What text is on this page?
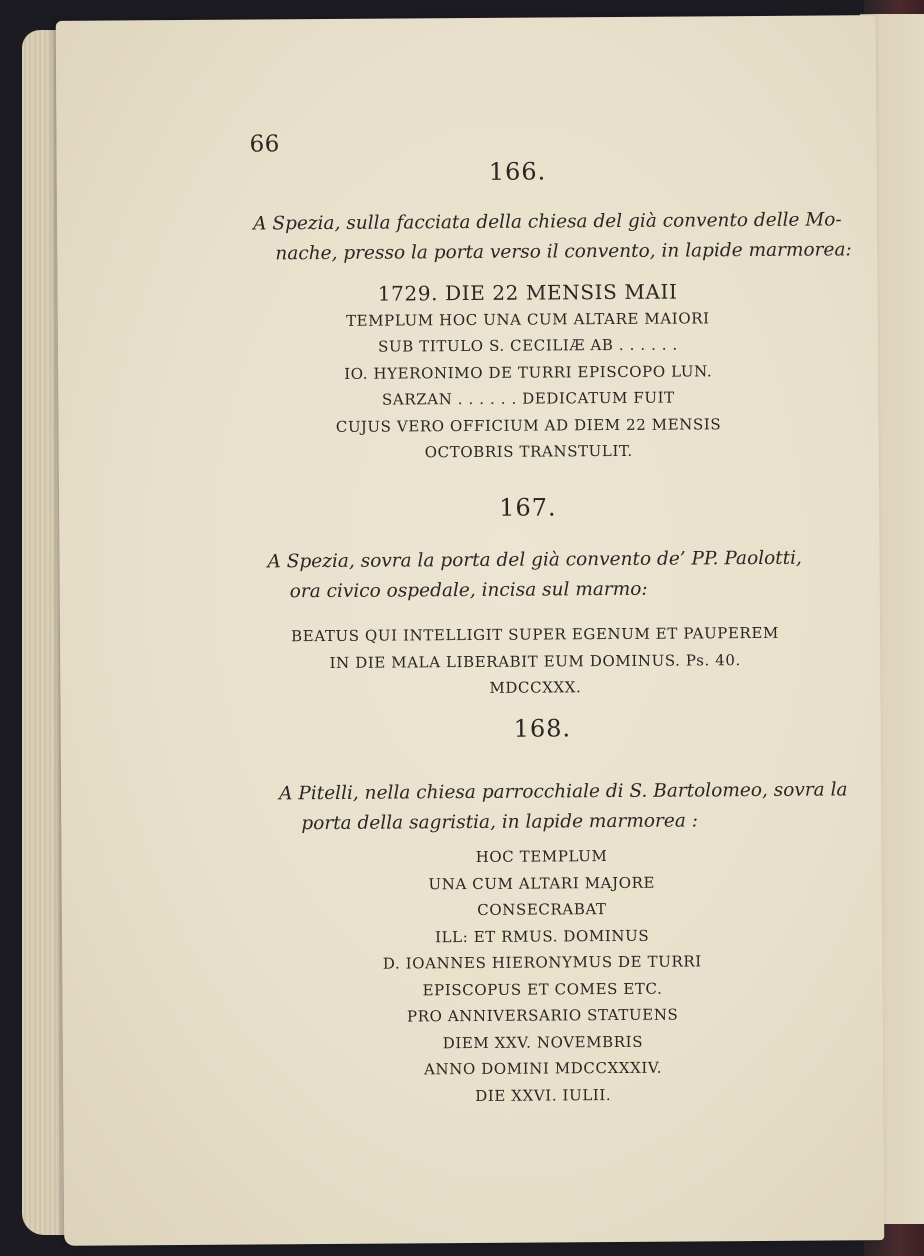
66
166.
A Spezia, sulla facciata della chiesa del già convento delle Mo-
nache, presso la porta verso il convento, in lapide marmorea:
1729. DIE 22 MENSIS MAII
TEMPLUM HOC UNA CUM ALTARE MAIORI
SUB TITULO S. CECILIÆ AB . . . . . .
IO. HYERONIMO DE TURRI EPISCOPO LUN.
SARZAN . . . . . . DEDICATUM FUIT
CUJUS VERO OFFICIUM AD DIEM 22 MENSIS
OCTOBRIS TRANSTULIT.
167.
A Spezia, sovra la porta del già convento de’ PP. Paolotti,
ora civico ospedale, incisa sul marmo:
BEATUS QUI INTELLIGIT SUPER EGENUM ET PAUPEREM
IN DIE MALA LIBERABIT EUM DOMINUS. Ps. 40.
MDCCXXX.
168.
A Pitelli, nella chiesa parrocchiale di S. Bartolomeo, sovra la
porta della sagristia, in lapide marmorea :
HOC TEMPLUM
UNA CUM ALTARI MAJORE
CONSECRABAT
ILL: ET RMUS. DOMINUS
D. IOANNES HIERONYMUS DE TURRI
EPISCOPUS ET COMES ETC.
PRO ANNIVERSARIO STATUENS
DIEM XXV. NOVEMBRIS
ANNO DOMINI MDCCXXXIV.
DIE XXVI. IULII.
